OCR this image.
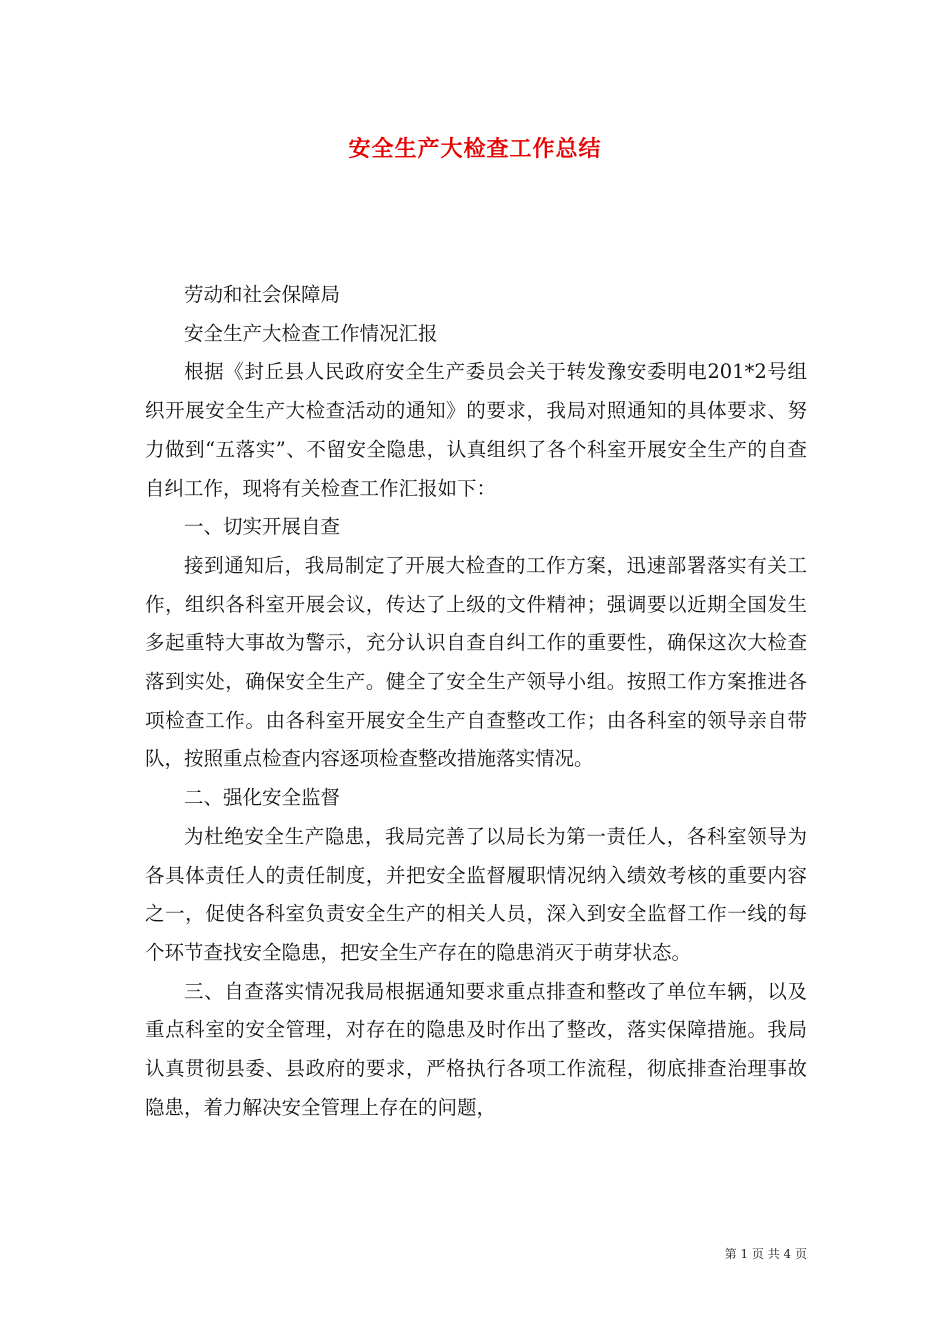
安全生产大检查工作总结

劳动和社会保障局

安全生产大检查工作情况汇报

根据《封丘县人民政府安全生产委员会关于转发豫安委明电201*2号组织开展安全生产大检查活动的通知》的要求，我局对照通知的具体要求、努力做到“五落实”、不留安全隐患，认真组织了各个科室开展安全生产的自查自纠工作，现将有关检查工作汇报如下：

一、切实开展自查

接到通知后，我局制定了开展大检查的工作方案，迅速部署落实有关工作，组织各科室开展会议，传达了上级的文件精神；强调要以近期全国发生多起重特大事故为警示，充分认识自查自纠工作的重要性，确保这次大检查落到实处，确保安全生产。健全了安全生产领导小组。按照工作方案推进各项检查工作。由各科室开展安全生产自查整改工作；由各科室的领导亲自带队，按照重点检查内容逐项检查整改措施落实情况。

二、强化安全监督

为杜绝安全生产隐患，我局完善了以局长为第一责任人，各科室领导为各具体责任人的责任制度，并把安全监督履职情况纳入绩效考核的重要内容之一，促使各科室负责安全生产的相关人员，深入到安全监督工作一线的每个环节查找安全隐患，把安全生产存在的隐患消灭于萌芽状态。

三、自查落实情况我局根据通知要求重点排查和整改了单位车辆，以及重点科室的安全管理，对存在的隐患及时作出了整改，落实保障措施。我局认真贯彻县委、县政府的要求，严格执行各项工作流程，彻底排查治理事故隐患，着力解决安全管理上存在的问题，

第 1 页 共 4 页
